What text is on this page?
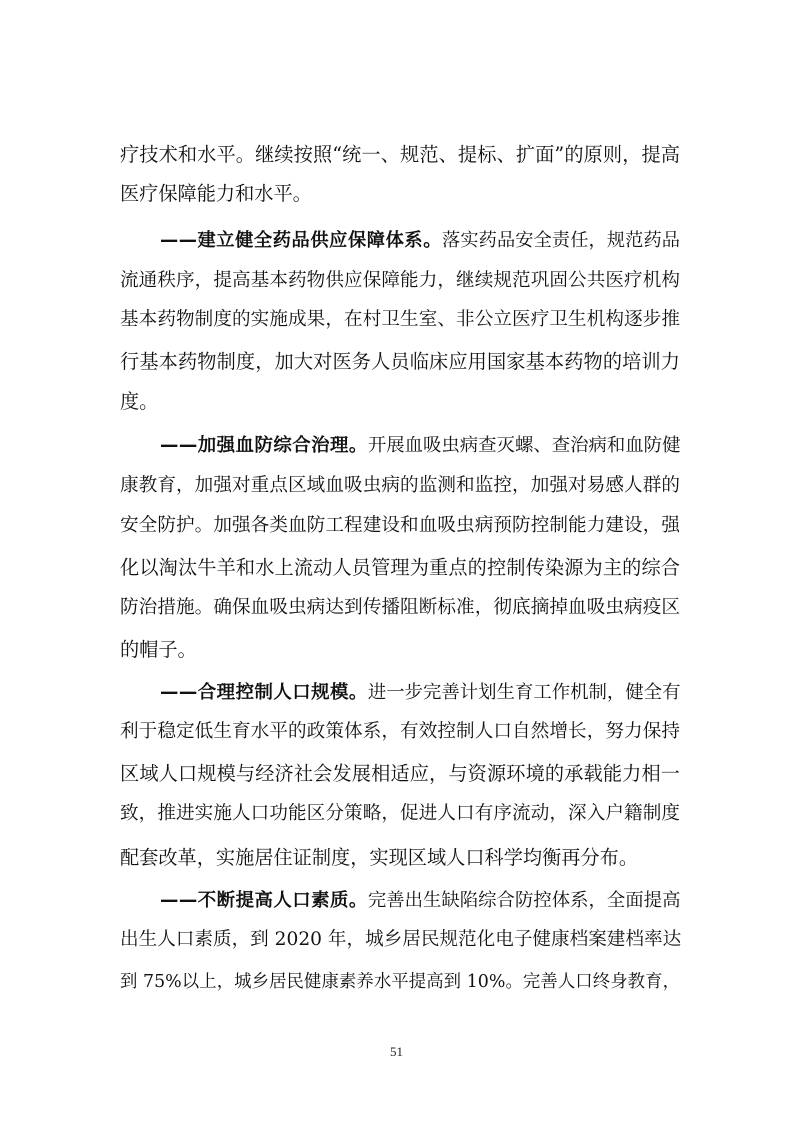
疗技术和水平。继续按照“统一、规范、提标、扩面”的原则，提高
医疗保障能力和水平。
——建立健全药品供应保障体系。落实药品安全责任，规范药品
流通秩序，提高基本药物供应保障能力，继续规范巩固公共医疗机构
基本药物制度的实施成果，在村卫生室、非公立医疗卫生机构逐步推
行基本药物制度，加大对医务人员临床应用国家基本药物的培训力
度。
——加强血防综合治理。开展血吸虫病查灭螺、查治病和血防健
康教育，加强对重点区域血吸虫病的监测和监控，加强对易感人群的
安全防护。加强各类血防工程建设和血吸虫病预防控制能力建设，强
化以淘汰牛羊和水上流动人员管理为重点的控制传染源为主的综合
防治措施。确保血吸虫病达到传播阻断标准，彻底摘掉血吸虫病疫区
的帽子。
——合理控制人口规模。进一步完善计划生育工作机制，健全有
利于稳定低生育水平的政策体系，有效控制人口自然增长，努力保持
区域人口规模与经济社会发展相适应，与资源环境的承载能力相一
致，推进实施人口功能区分策略，促进人口有序流动，深入户籍制度
配套改革，实施居住证制度，实现区域人口科学均衡再分布。
——不断提高人口素质。完善出生缺陷综合防控体系，全面提高
出生人口素质，到 2020 年，城乡居民规范化电子健康档案建档率达
到 75%以上，城乡居民健康素养水平提高到 10%。完善人口终身教育，
51
